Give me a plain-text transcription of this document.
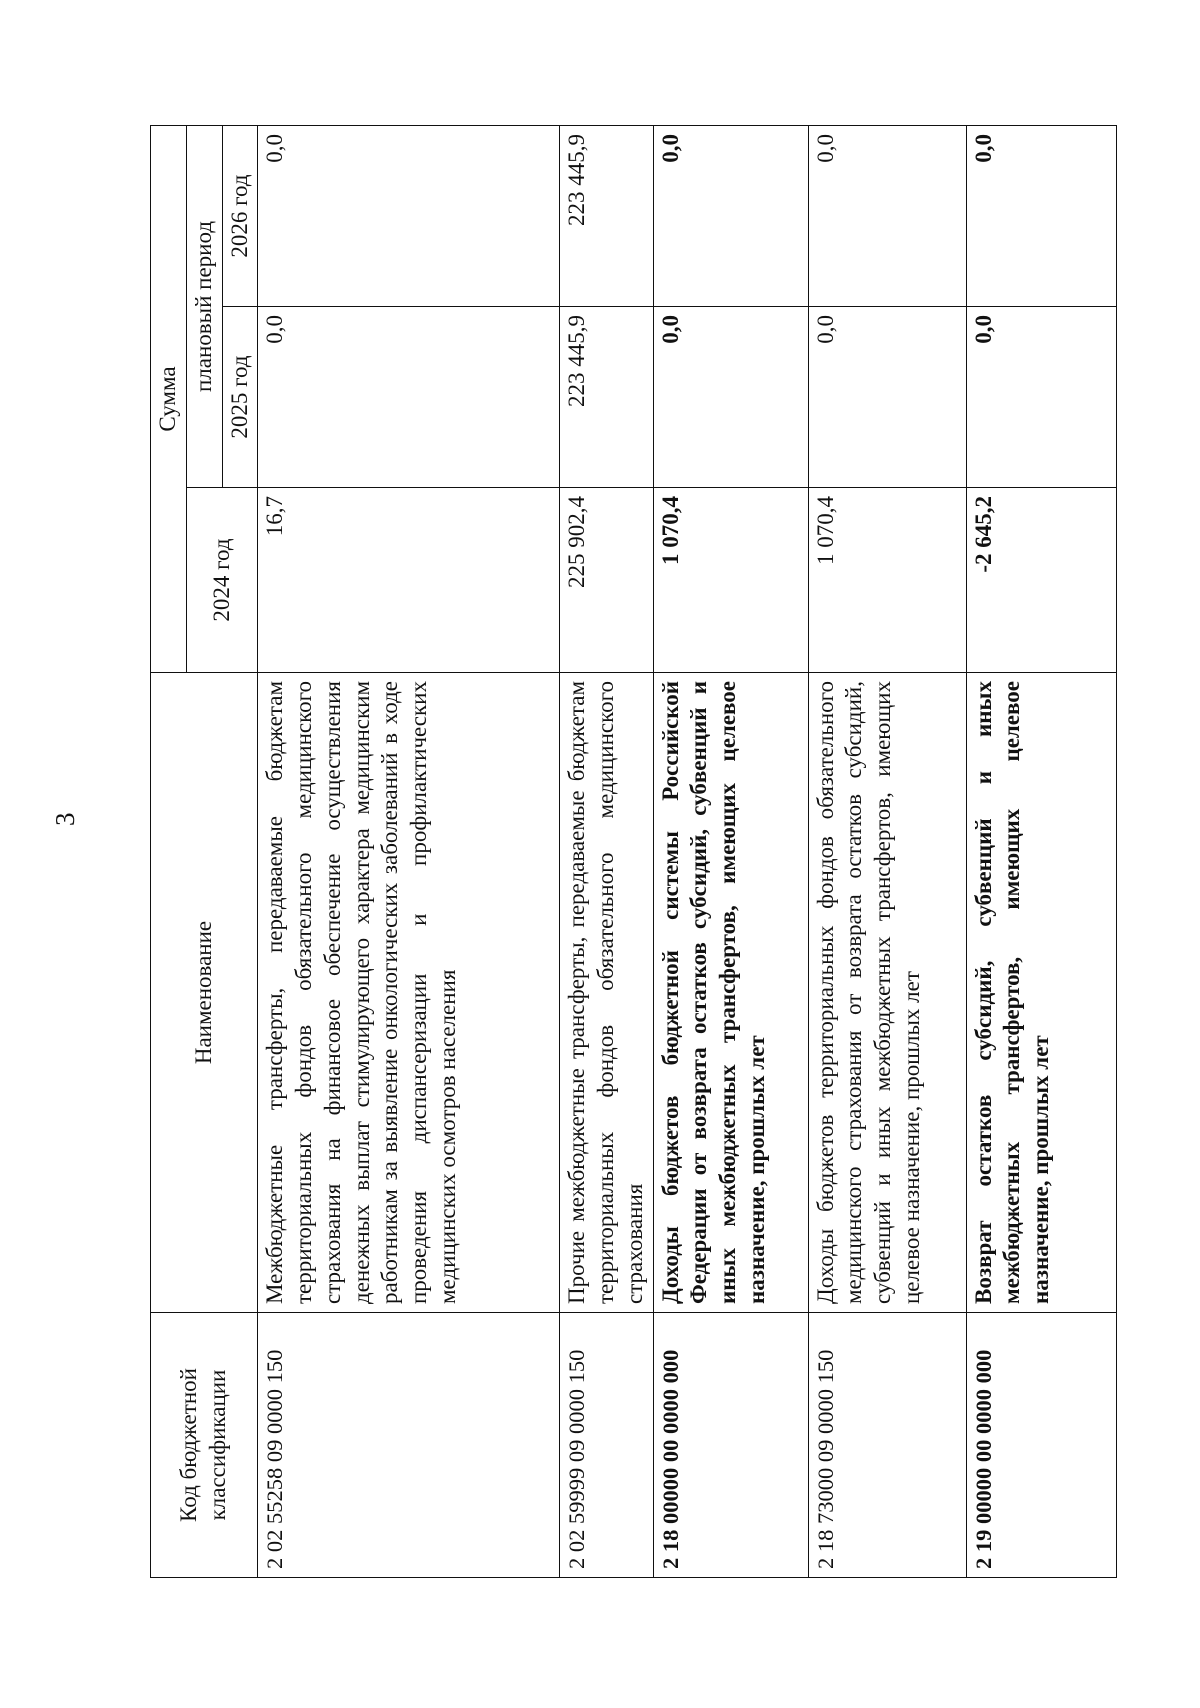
3
Код бюджетной классификации	Наименование	Сумма		
		2024 год	плановый период	
			2025 год	2026 год
2 02 55258 09 0000 150	Межбюджетные трансферты, передаваемые бюджетам территориальных фондов обязательного медицинского страхования на финансовое обеспечение осуществления денежных выплат стимулирующего характера медицинским работникам за выявление онкологических заболеваний в ходе проведения диспансеризации и профилактических медицинских осмотров населения	16,7	0,0	0,0
2 02 59999 09 0000 150	Прочие межбюджетные трансферты, передаваемые бюджетам территориальных фондов обязательного медицинского страхования	225 902,4	223 445,9	223 445,9
2 18 00000 00 0000 000	Доходы бюджетов бюджетной системы Российской Федерации от возврата остатков субсидий, субвенций и иных межбюджетных трансфертов, имеющих целевое назначение, прошлых лет	1 070,4	0,0	0,0
2 18 73000 09 0000 150	Доходы бюджетов территориальных фондов обязательного медицинского страхования от возврата остатков субсидий, субвенций и иных межбюджетных трансфертов, имеющих целевое назначение, прошлых лет	1 070,4	0,0	0,0
2 19 00000 00 0000 000	Возврат остатков субсидий, субвенций и иных межбюджетных трансфертов, имеющих целевое назначение, прошлых лет	-2 645,2	0,0	0,0
